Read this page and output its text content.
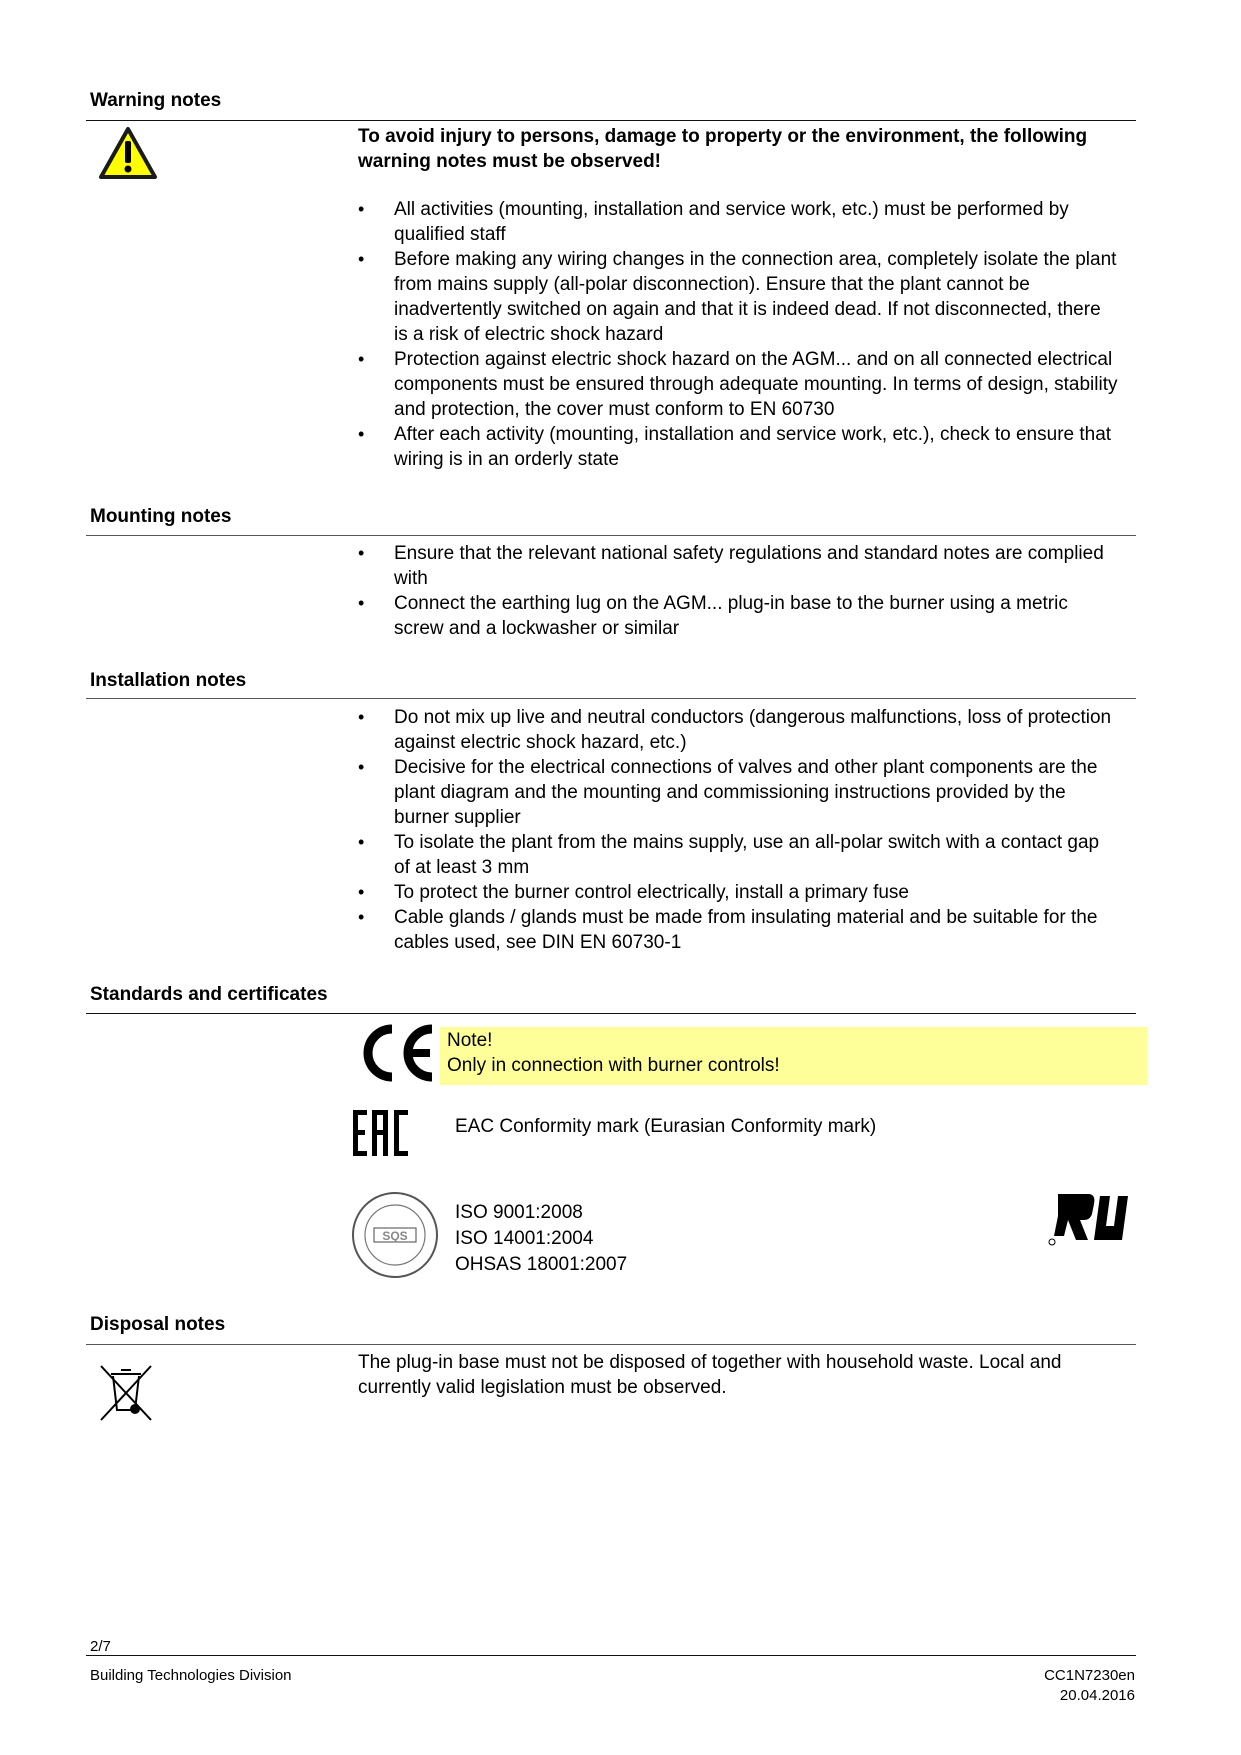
Warning notes
To avoid injury to persons, damage to property or the environment, the following warning notes must be observed!
• All activities (mounting, installation and service work, etc.) must be performed by qualified staff
• Before making any wiring changes in the connection area, completely isolate the plant from mains supply (all-polar disconnection). Ensure that the plant cannot be inadvertently switched on again and that it is indeed dead. If not disconnected, there is a risk of electric shock hazard
• Protection against electric shock hazard on the AGM... and on all connected electrical components must be ensured through adequate mounting. In terms of design, stability and protection, the cover must conform to EN 60730
• After each activity (mounting, installation and service work, etc.), check to ensure that wiring is in an orderly state
Mounting notes
• Ensure that the relevant national safety regulations and standard notes are complied with
• Connect the earthing lug on the AGM... plug-in base to the burner using a metric screw and a lockwasher or similar
Installation notes
• Do not mix up live and neutral conductors (dangerous malfunctions, loss of protection against electric shock hazard, etc.)
• Decisive for the electrical connections of valves and other plant components are the plant diagram and the mounting and commissioning instructions provided by the burner supplier
• To isolate the plant from the mains supply, use an all-polar switch with a contact gap of at least 3 mm
• To protect the burner control electrically, install a primary fuse
• Cable glands / glands must be made from insulating material and be suitable for the cables used, see DIN EN 60730-1
Standards and certificates
Note!
Only in connection with burner controls!
EAC Conformity mark (Eurasian Conformity mark)
SQS
ISO 9001:2008
ISO 14001:2004
OHSAS 18001:2007
Disposal notes
The plug-in base must not be disposed of together with household waste. Local and currently valid legislation must be observed.
2/7
Building Technologies Division	CC1N7230en
20.04.2016
